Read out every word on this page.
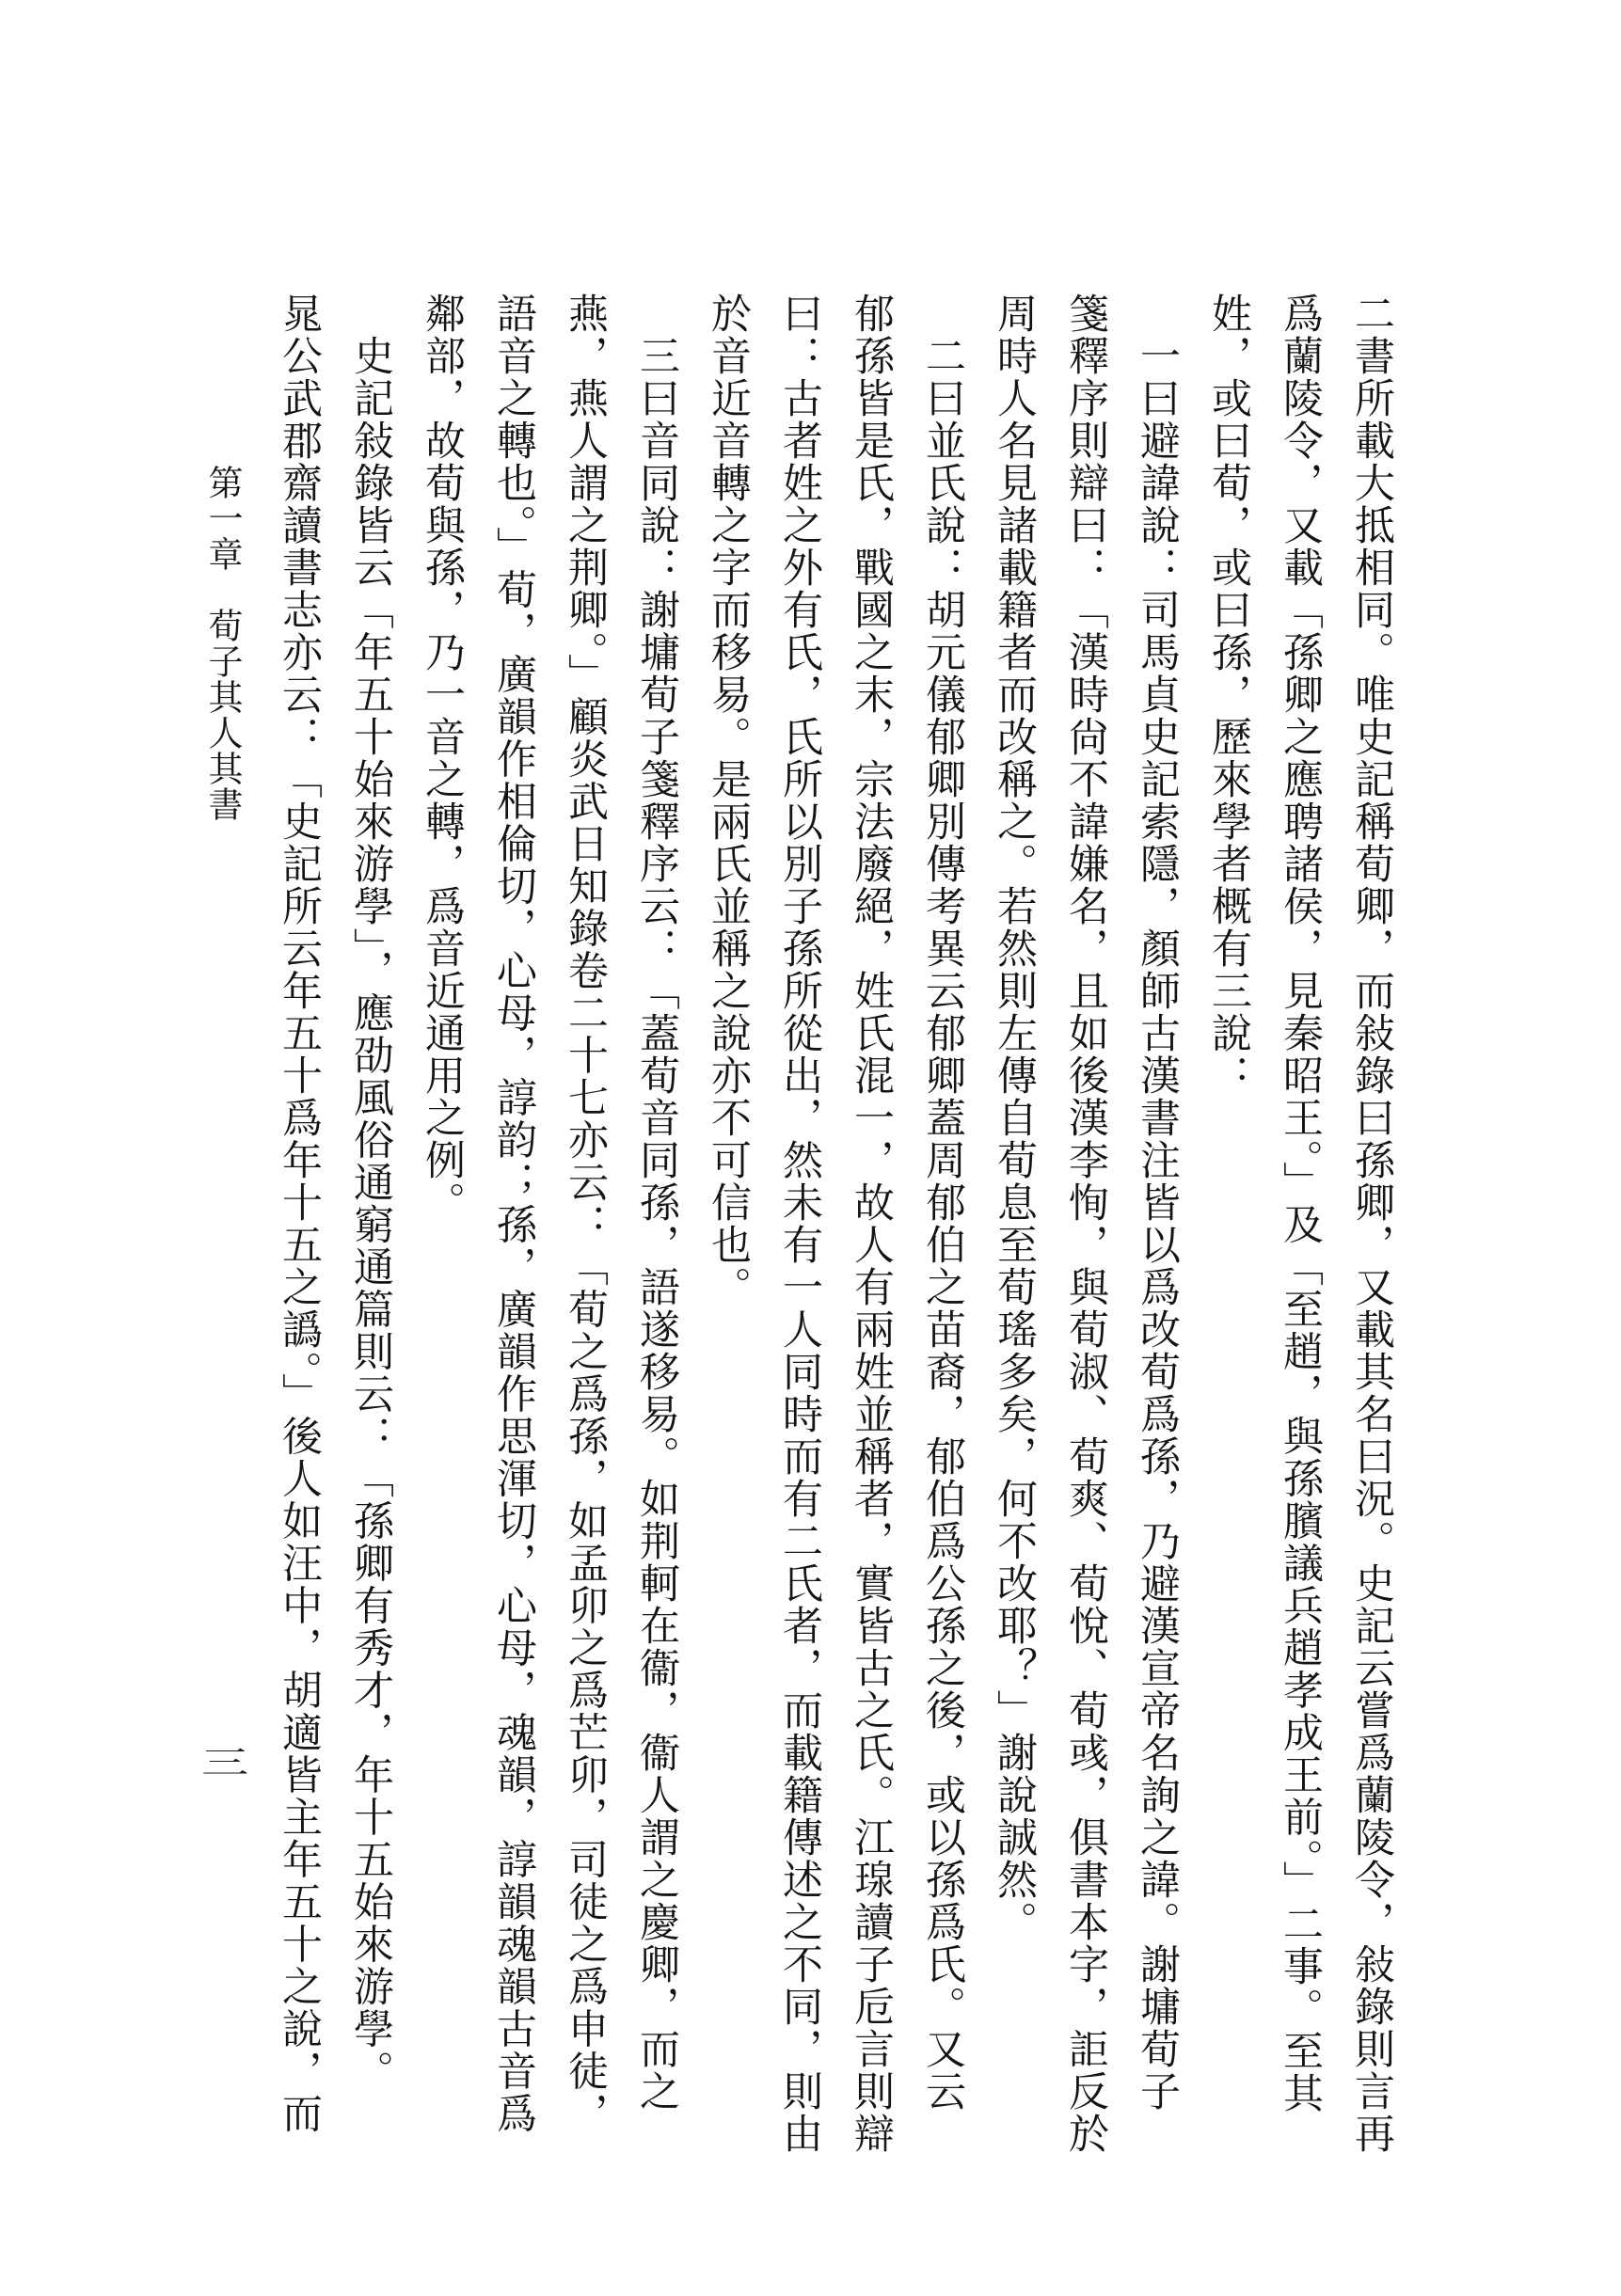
二書所載大抵相同。唯史記稱荀卿，而敍錄曰孫卿，又載其名曰況。史記云嘗爲蘭陵令，敍錄則言再
爲蘭陵令，又載「孫卿之應聘諸侯，見秦昭王。」及「至趙，與孫臏議兵趙孝成王前。」二事。至其
姓，或曰荀，或曰孫，歷來學者概有三說：
　一曰避諱說：司馬貞史記索隱，顏師古漢書注皆以爲改荀爲孫，乃避漢宣帝名詢之諱。謝墉荀子
箋釋序則辯曰：「漢時尙不諱嫌名，且如後漢李恂，與荀淑、荀爽、荀悅、荀彧，俱書本字，詎反於
周時人名見諸載籍者而改稱之。若然則左傳自荀息至荀瑤多矣，何不改耶？」謝說誠然。
　二曰並氏說：胡元儀郁卿別傳考異云郁卿蓋周郁伯之苗裔，郁伯爲公孫之後，或以孫爲氏。又云
郁孫皆是氏，戰國之末，宗法廢絕，姓氏混一，故人有兩姓並稱者，實皆古之氏。江瑔讀子卮言則辯
曰：古者姓之外有氏，氏所以別子孫所從出，然未有一人同時而有二氏者，而載籍傳述之不同，則由
於音近音轉之字而移易。是兩氏並稱之說亦不可信也。
　三曰音同說：謝墉荀子箋釋序云：「蓋荀音同孫，語遂移易。如荆軻在衞，衞人謂之慶卿，而之
燕，燕人謂之荆卿。」顧炎武日知錄卷二十七亦云：「荀之爲孫，如孟卯之爲芒卯，司徒之爲申徒，
語音之轉也。」荀，廣韻作相倫切，心母，諄韵；孫，廣韻作思渾切，心母，魂韻，諄韻魂韻古音爲
鄰部，故荀與孫，乃一音之轉，爲音近通用之例。
　史記敍錄皆云「年五十始來游學」，應劭風俗通窮通篇則云：「孫卿有秀才，年十五始來游學。
晁公武郡齋讀書志亦云：「史記所云年五十爲年十五之譌。」後人如汪中，胡適皆主年五十之說，而
第一章　荀子其人其書
三
